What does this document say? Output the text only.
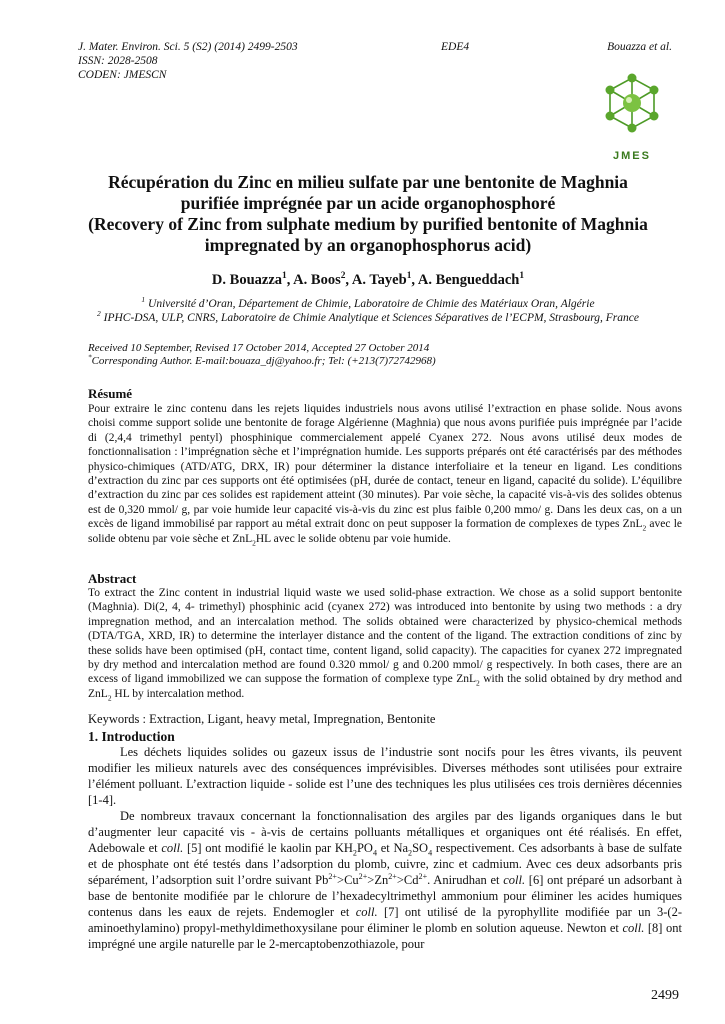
J. Mater. Environ. Sci. 5 (S2) (2014) 2499-2503
ISSN: 2028-2508
CODEN: JMESCN
EDE4	Bouazza et al.
JMES
Récupération du Zinc en milieu sulfate par une bentonite de Maghnia
purifiée imprégnée par un acide organophosphoré
(Recovery of Zinc from sulphate medium by purified bentonite of Maghnia
impregnated by an organophosphorus acid)
D. Bouazza$^1$, A. Boos$^2$, A. Tayeb$^1$, A. Bengueddach$^1$
$^1$ Université d’Oran, Département de Chimie, Laboratoire de Chimie des Matériaux Oran, Algérie
$^2$ IPHC-DSA, ULP, CNRS, Laboratoire de Chimie Analytique et Sciences Séparatives de l’ECPM, Strasbourg, France
Received 10 September, Revised 17 October 2014, Accepted 27 October 2014
*Corresponding Author. E-mail:bouaza_dj@yahoo.fr; Tel: (+213(7)72742968)
Résumé
Pour extraire le zinc contenu dans les rejets liquides industriels nous avons utilisé l’extraction en phase solide. Nous avons choisi comme support solide une bentonite de forage Algérienne (Maghnia) que nous avons purifiée puis imprégnée par l’acide di (2,4,4 trimethyl pentyl) phosphinique commercialement appelé Cyanex 272. Nous avons utilisé deux modes de fonctionnalisation : l’imprégnation sèche et l’imprégnation humide. Les supports préparés ont été caractérisés par des méthodes physico-chimiques (ATD/ATG, DRX, IR) pour déterminer la distance interfoliaire et la teneur en ligand. Les conditions d’extraction du zinc par ces supports ont été optimisées (pH, durée de contact, teneur en ligand, capacité du solide). L’équilibre d’extraction du zinc par ces solides est rapidement atteint (30 minutes). Par voie sèche, la capacité vis-à-vis des solides obtenus est de 0,320 mmol/ g, par voie humide leur capacité vis-à-vis du zinc est plus faible 0,200 mmo/ g. Dans les deux cas, on a un excès de ligand immobilisé par rapport au métal extrait donc on peut supposer la formation de complexes de types ZnL$_2$ avec le solide obtenu par voie sèche et ZnL$_2$HL avec le solide obtenu par voie humide.
Abstract
To extract the Zinc content in industrial liquid waste we used solid-phase extraction. We chose as a solid support bentonite (Maghnia). Di(2, 4, 4- trimethyl) phosphinic acid (cyanex 272) was introduced into bentonite by using two methods : a dry impregnation method, and an intercalation method. The solids obtained were characterized by physico-chemical methods (DTA/TGA, XRD, IR) to determine the interlayer distance and the content of the ligand. The extraction conditions of zinc by these solids have been optimised (pH, contact time, content ligand, solid capacity). The capacities for cyanex 272 impregnated by dry method and intercalation method are found 0.320 mmol/ g and 0.200 mmol/ g respectively. In both cases, there are an excess of ligand immobilized we can suppose the formation of complexe type ZnL$_2$ with the solid obtained by dry method and ZnL$_2$ HL by intercalation method.
Keywords : Extraction, Ligant, heavy metal, Impregnation, Bentonite
1. Introduction
Les déchets liquides solides ou gazeux issus de l’industrie sont nocifs pour les êtres vivants, ils peuvent modifier les milieux naturels avec des conséquences imprévisibles. Diverses méthodes sont utilisées pour extraire l’élément polluant. L’extraction liquide - solide est l’une des techniques les plus utilisées ces trois dernières décennies [1-4].
De nombreux travaux concernant la fonctionnalisation des argiles par des ligands organiques dans le but d’augmenter leur capacité vis - à-vis de certains polluants métalliques et organiques ont été réalisés. En effet, Adebowale et coll. [5] ont modifié le kaolin par $KH_2PO_4$ et $Na_2SO_4$ respectivement. Ces adsorbants à base de sulfate et de phosphate ont été testés dans l’adsorption du plomb, cuivre, zinc et cadmium. Avec ces deux adsorbants pris séparément, l’adsorption suit l’ordre suivant $Pb^{2+}>Cu^{2+}>Zn^{2+}>Cd^{2+}$. Anirudhan et coll. [6] ont préparé un adsorbant à base de bentonite modifiée par le chlorure de l’hexadecyltrimethyl ammonium pour éliminer les acides humiques contenus dans les eaux de rejets. Endemogler et coll. [7] ont utilisé de la pyrophyllite modifiée par un 3-(2-aminoethylamino) propyl-methyldimethoxysilane pour éliminer le plomb en solution aqueuse. Newton et coll. [8] ont imprégné une argile naturelle par le 2-mercaptobenzothiazole, pour
2499
